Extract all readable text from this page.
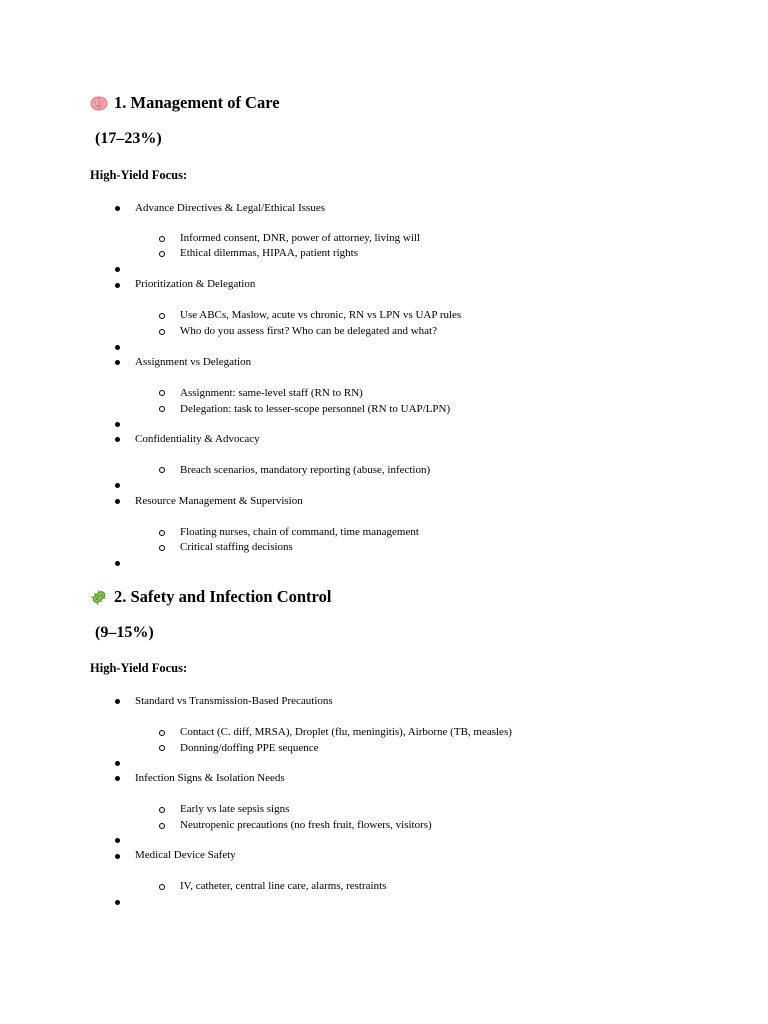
1. Management of Care
(17–23%)
High-Yield Focus:
Advance Directives & Legal/Ethical Issues
Informed consent, DNR, power of attorney, living will
Ethical dilemmas, HIPAA, patient rights
Prioritization & Delegation
Use ABCs, Maslow, acute vs chronic, RN vs LPN vs UAP rules
Who do you assess first? Who can be delegated and what?
Assignment vs Delegation
Assignment: same-level staff (RN to RN)
Delegation: task to lesser-scope personnel (RN to UAP/LPN)
Confidentiality & Advocacy
Breach scenarios, mandatory reporting (abuse, infection)
Resource Management & Supervision
Floating nurses, chain of command, time management
Critical staffing decisions
2. Safety and Infection Control
(9–15%)
High-Yield Focus:
Standard vs Transmission-Based Precautions
Contact (C. diff, MRSA), Droplet (flu, meningitis), Airborne (TB, measles)
Donning/doffing PPE sequence
Infection Signs & Isolation Needs
Early vs late sepsis signs
Neutropenic precautions (no fresh fruit, flowers, visitors)
Medical Device Safety
IV, catheter, central line care, alarms, restraints
